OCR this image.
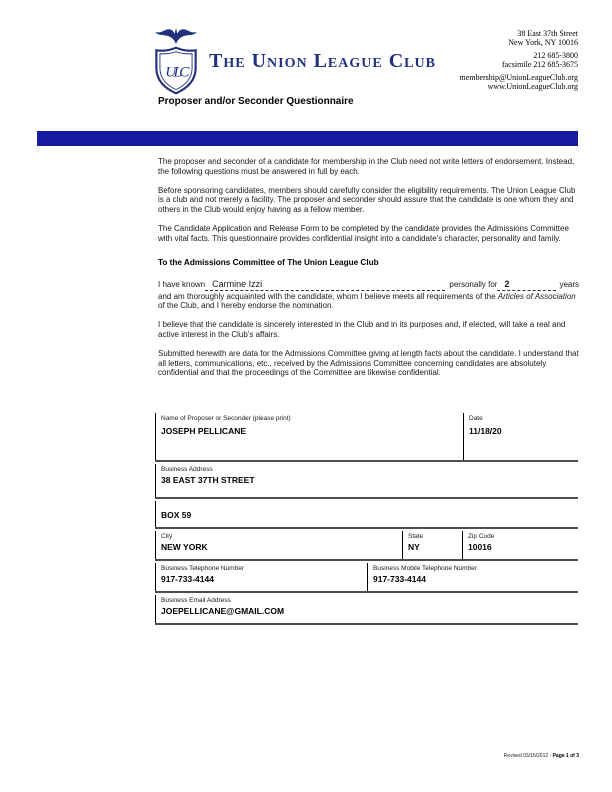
ULC The Union League Club
38 East 37th Street
New York, NY 10016
212 685-3800
facsimile 212 685-3675
membership@UnionLeagueClub.org
www.UnionLeagueClub.org
Proposer and/or Seconder Questionnaire

The proposer and seconder of a candidate for membership in the Club need not write letters of endorsement. Instead, the following questions must be answered in full by each.

Before sponsoring candidates, members should carefully consider the eligibility requirements. The Union League Club is a club and not merely a facility. The proposer and seconder should assure that the candidate is one whom they and others in the Club would enjoy having as a fellow member.

The Candidate Application and Release Form to be completed by the candidate provides the Admissions Committee with vital facts. This questionnaire provides confidential insight into a candidate's character, personality and family.

To the Admissions Committee of The Union League Club
I have known Carmine Izzi	personally for 2	years
and am thoroughly acquainted with the candidate, whom I believe meets all requirements of the Articles of Association of the Club, and I hereby endorse the nomination.

I believe that the candidate is sincerely interested in the Club and in its purposes and, if elected, will take a real and active interest in the Club's affairs.

Submitted herewith are data for the Admissions Committee giving at length facts about the candidate. I understand that all letters, communications, etc., received by the Admissions Committee concerning candidates are absolutely confidential and that the proceedings of the Committee are likewise confidential.

Name of Proposer or Seconder (please print)
JOSEPH PELLICANE
Date
11/18/20
Business Address
38 EAST 37TH STREET
BOX 59
City
NEW YORK
State
NY
Zip Code
10016
Business Telephone Number
917-733-4144
Business Mobile Telephone Number
917-733-4144
Business Email Address
JOEPELLICANE@GMAIL.COM
Revised 03/15/2012 - Page 1 of 3
